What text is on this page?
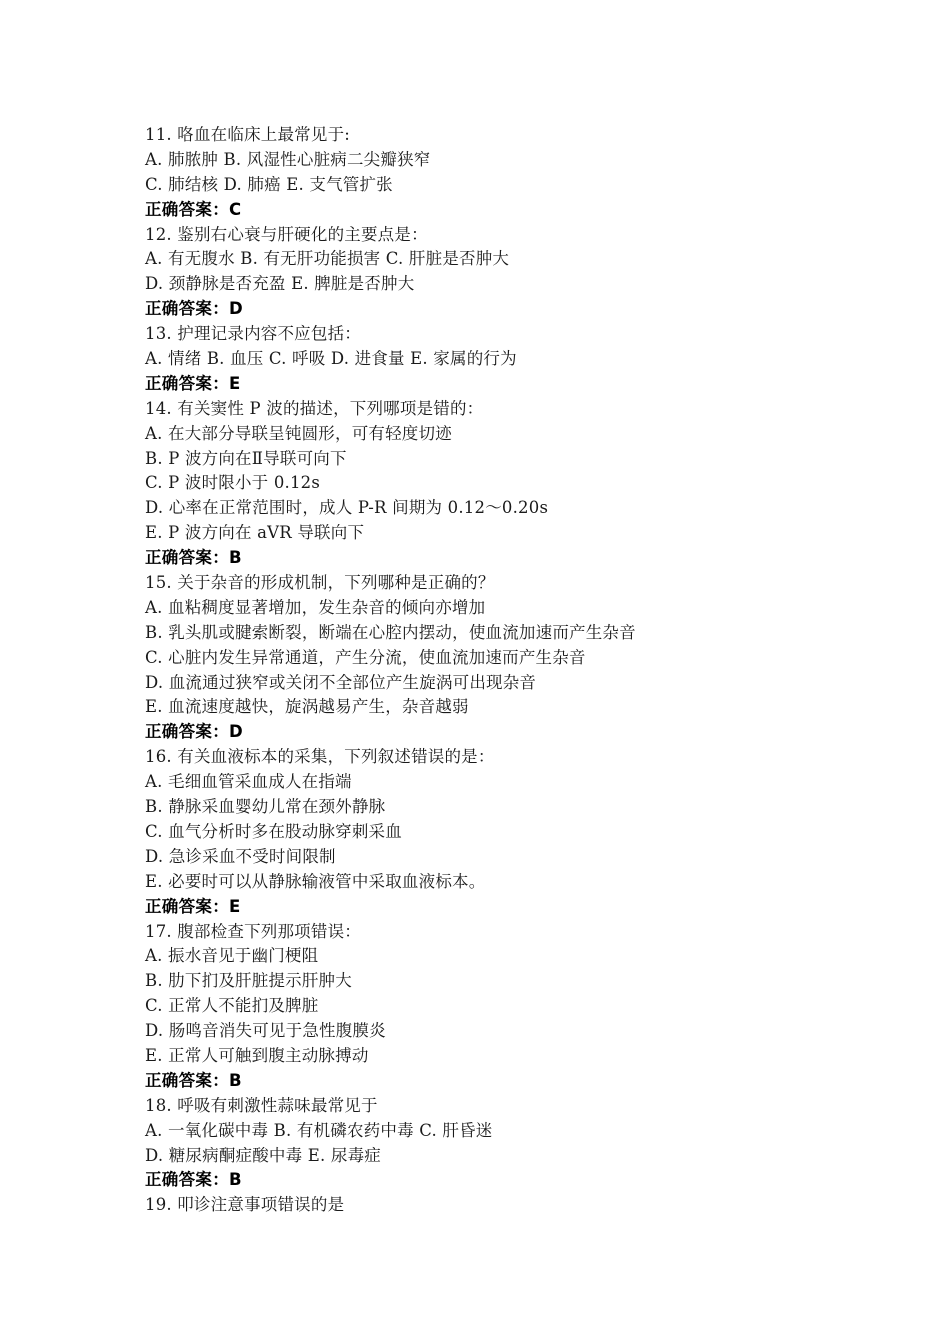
11. 咯血在临床上最常见于:
A. 肺脓肿 B. 风湿性心脏病二尖瓣狭窄
C. 肺结核 D. 肺癌 E. 支气管扩张
正确答案：C
12. 鉴别右心衰与肝硬化的主要点是：
A. 有无腹水 B. 有无肝功能损害 C. 肝脏是否肿大
D. 颈静脉是否充盈 E. 脾脏是否肿大
正确答案：D
13. 护理记录内容不应包括：
A. 情绪 B. 血压 C. 呼吸 D. 进食量 E. 家属的行为
正确答案：E
14. 有关窦性 P 波的描述，下列哪项是错的：
A. 在大部分导联呈钝圆形，可有轻度切迹
B. P 波方向在Ⅱ导联可向下
C. P 波时限小于 0.12s
D. 心率在正常范围时，成人 P-R 间期为 0.12～0.20s
E. P 波方向在 aVR 导联向下
正确答案：B
15. 关于杂音的形成机制，下列哪种是正确的？
A. 血粘稠度显著增加，发生杂音的倾向亦增加
B. 乳头肌或腱索断裂，断端在心腔内摆动，使血流加速而产生杂音
C. 心脏内发生异常通道，产生分流，使血流加速而产生杂音
D. 血流通过狭窄或关闭不全部位产生旋涡可出现杂音
E. 血流速度越快，旋涡越易产生，杂音越弱
正确答案：D
16. 有关血液标本的采集，下列叙述错误的是：
A. 毛细血管采血成人在指端
B. 静脉采血婴幼儿常在颈外静脉
C. 血气分析时多在股动脉穿刺采血
D. 急诊采血不受时间限制
E. 必要时可以从静脉输液管中采取血液标本。
正确答案：E
17. 腹部检查下列那项错误：
A. 振水音见于幽门梗阻
B. 肋下扪及肝脏提示肝肿大
C. 正常人不能扪及脾脏
D. 肠鸣音消失可见于急性腹膜炎
E. 正常人可触到腹主动脉搏动
正确答案：B
18. 呼吸有刺激性蒜味最常见于
A. 一氧化碳中毒 B. 有机磷农药中毒 C. 肝昏迷
D. 糖尿病酮症酸中毒 E. 尿毒症
正确答案：B
19. 叩诊注意事项错误的是
